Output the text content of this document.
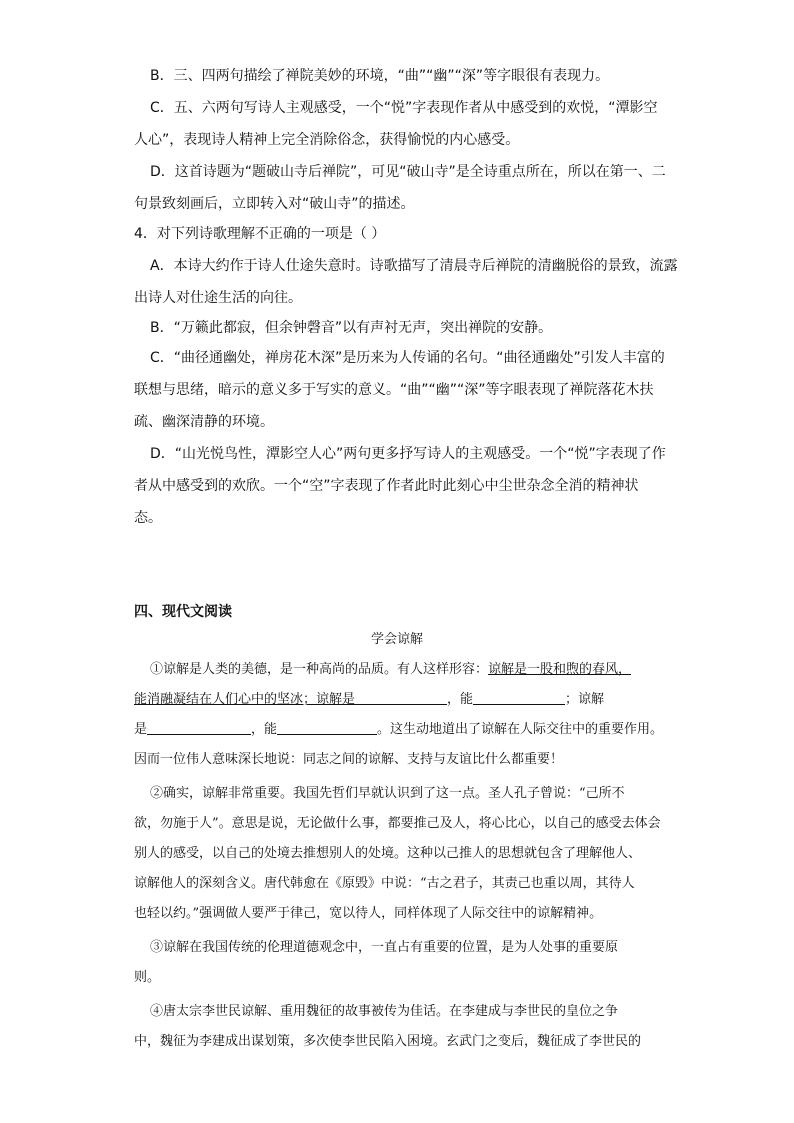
B．三、四两句描绘了禅院美妙的环境，“曲”“幽”“深”等字眼很有表现力。
C．五、六两句写诗人主观感受，一个“悦”字表现作者从中感受到的欢悦，“潭影空
人心”，表现诗人精神上完全消除俗念，获得愉悦的内心感受。
D．这首诗题为“题破山寺后禅院”，可见“破山寺”是全诗重点所在，所以在第一、二
句景致刻画后，立即转入对“破山寺”的描述。
4．对下列诗歌理解不正确的一项是（ ）
A．本诗大约作于诗人仕途失意时。诗歌描写了清晨寺后禅院的清幽脱俗的景致，流露
出诗人对仕途生活的向往。
B．“万籁此都寂，但余钟磬音”以有声衬无声，突出禅院的安静。
C．“曲径通幽处，禅房花木深”是历来为人传诵的名句。“曲径通幽处”引发人丰富的
联想与思绪，暗示的意义多于写实的意义。“曲”“幽”“深”等字眼表现了禅院落花木扶
疏、幽深清静的环境。
D．“山光悦鸟性，潭影空人心”两句更多抒写诗人的主观感受。一个“悦”字表现了作
者从中感受到的欢欣。一个“空”字表现了作者此时此刻心中尘世杂念全消的精神状
态。
四、现代文阅读
学会谅解
①谅解是人类的美德，是一种高尚的品质。有人这样形容：谅解是一股和煦的春风，
能消融凝结在人们心中的坚冰；谅解是	，能	；谅解
是	，能	。这生动地道出了谅解在人际交往中的重要作用。
因而一位伟人意味深长地说：同志之间的谅解、支持与友谊比什么都重要！
②确实，谅解非常重要。我国先哲们早就认识到了这一点。圣人孔子曾说：“己所不
欲，勿施于人”。意思是说，无论做什么事，都要推己及人，将心比心，以自己的感受去体会
别人的感受，以自己的处境去推想别人的处境。这种以己推人的思想就包含了理解他人、
谅解他人的深刻含义。唐代韩愈在《原毁》中说：“古之君子，其责己也重以周，其待人
也轻以约。”强调做人要严于律己，宽以待人，同样体现了人际交往中的谅解精神。
③谅解在我国传统的伦理道德观念中，一直占有重要的位置，是为人处事的重要原
则。
④唐太宗李世民谅解、重用魏征的故事被传为佳话。在李建成与李世民的皇位之争
中，魏征为李建成出谋划策，多次使李世民陷入困境。玄武门之变后，魏征成了李世民的
